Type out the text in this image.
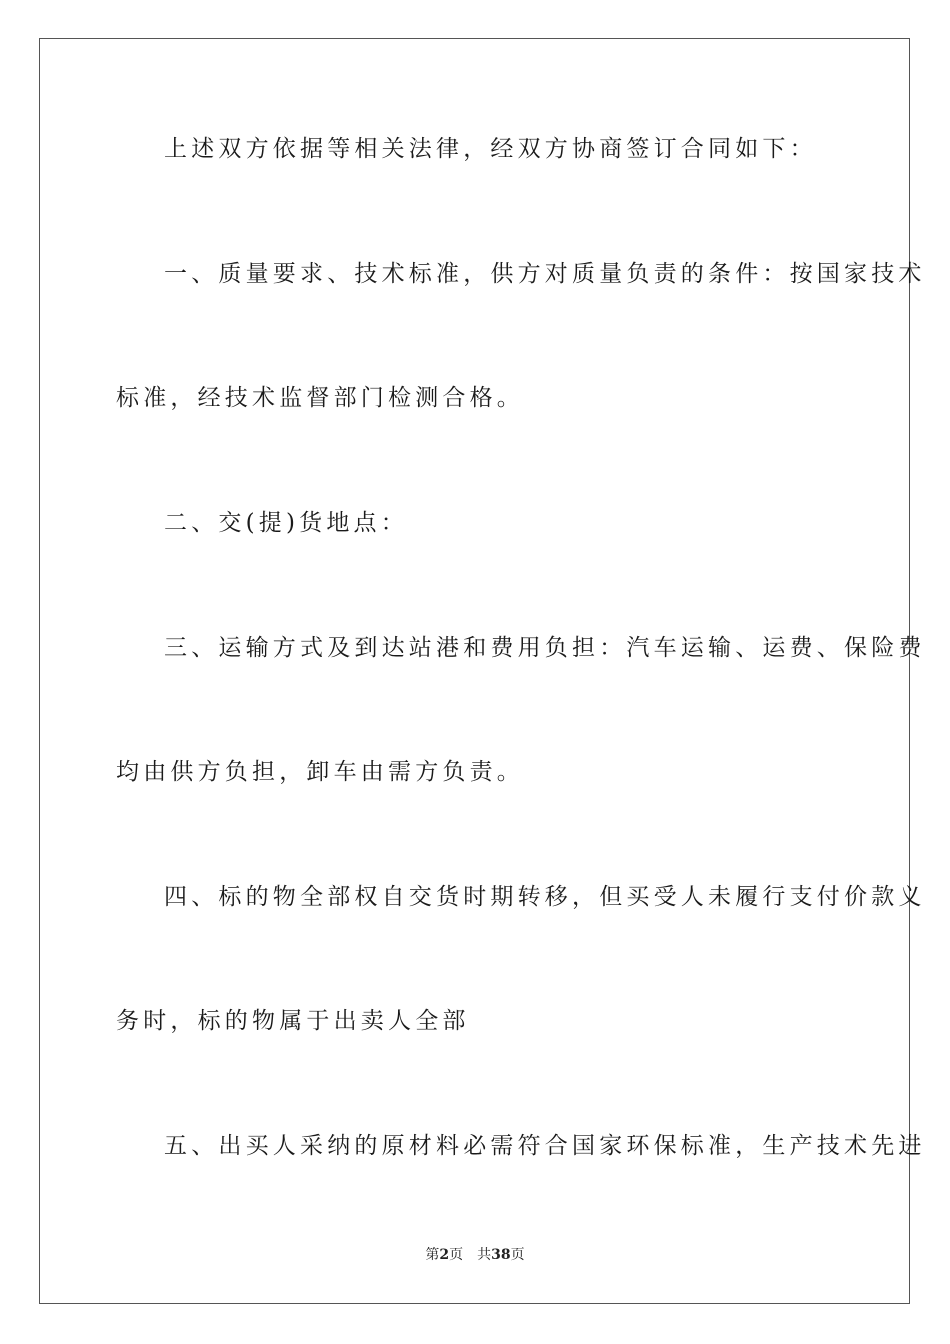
上述双方依据等相关法律，经双方协商签订合同如下：

一、质量要求、技术标准，供方对质量负责的条件：按国家技术

标准，经技术监督部门检测合格。

二、交(提)货地点：

三、运输方式及到达站港和费用负担：汽车运输、运费、保险费

均由供方负担，卸车由需方负责。

四、标的物全部权自交货时期转移，但买受人未履行支付价款义

务时，标的物属于出卖人全部

五、出买人采纳的原材料必需符合国家环保标准，生产技术先进

第2页 共38页
